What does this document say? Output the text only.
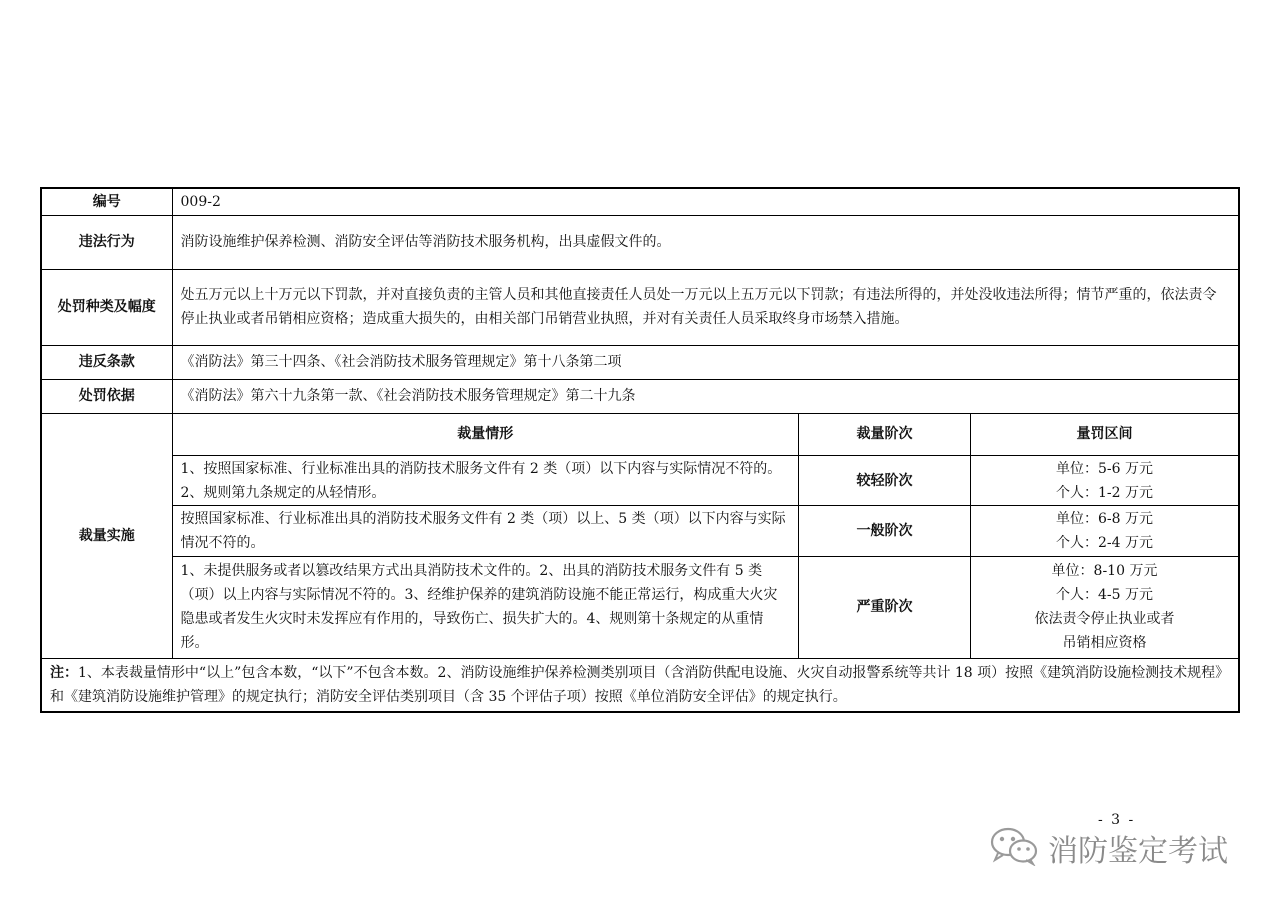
编号	009-2
违法行为	消防设施维护保养检测、消防安全评估等消防技术服务机构，出具虚假文件的。
处罚种类及幅度	处五万元以上十万元以下罚款，并对直接负责的主管人员和其他直接责任人员处一万元以上五万元以下罚款；有违法所得的，并处没收违法所得；情节严重的，依法责令停止执业或者吊销相应资格；造成重大损失的，由相关部门吊销营业执照，并对有关责任人员采取终身市场禁入措施。
违反条款	《消防法》第三十四条、《社会消防技术服务管理规定》第十八条第二项
处罚依据	《消防法》第六十九条第一款、《社会消防技术服务管理规定》第二十九条
裁量实施	
裁量情形	裁量阶次	量罚区间
1、按照国家标准、行业标准出具的消防技术服务文件有 2 类（项）以下内容与实际情况不符的。2、规则第九条规定的从轻情形。	较轻阶次	
单位：5-6 万元
个人：1-2 万元

按照国家标准、行业标准出具的消防技术服务文件有 2 类（项）以上、5 类（项）以下内容与实际情况不符的。	一般阶次	
单位：6-8 万元
个人：2-4 万元

1、未提供服务或者以篡改结果方式出具消防技术文件的。2、出具的消防技术服务文件有 5 类（项）以上内容与实际情况不符的。3、经维护保养的建筑消防设施不能正常运行，构成重大火灾隐患或者发生火灾时未发挥应有作用的，导致伤亡、损失扩大的。4、规则第十条规定的从重情形。	严重阶次	
单位：8-10 万元
个人：4-5 万元
依法责令停止执业或者
吊销相应资格

注：1、本表裁量情形中“以上”包含本数，“以下”不包含本数。2、消防设施维护保养检测类别项目（含消防供配电设施、火灾自动报警系统等共计 18 项）按照《建筑消防设施检测技术规程》和《建筑消防设施维护管理》的规定执行；消防安全评估类别项目（含 35 个评估子项）按照《单位消防安全评估》的规定执行。
- 3 -
消防鉴定考试
